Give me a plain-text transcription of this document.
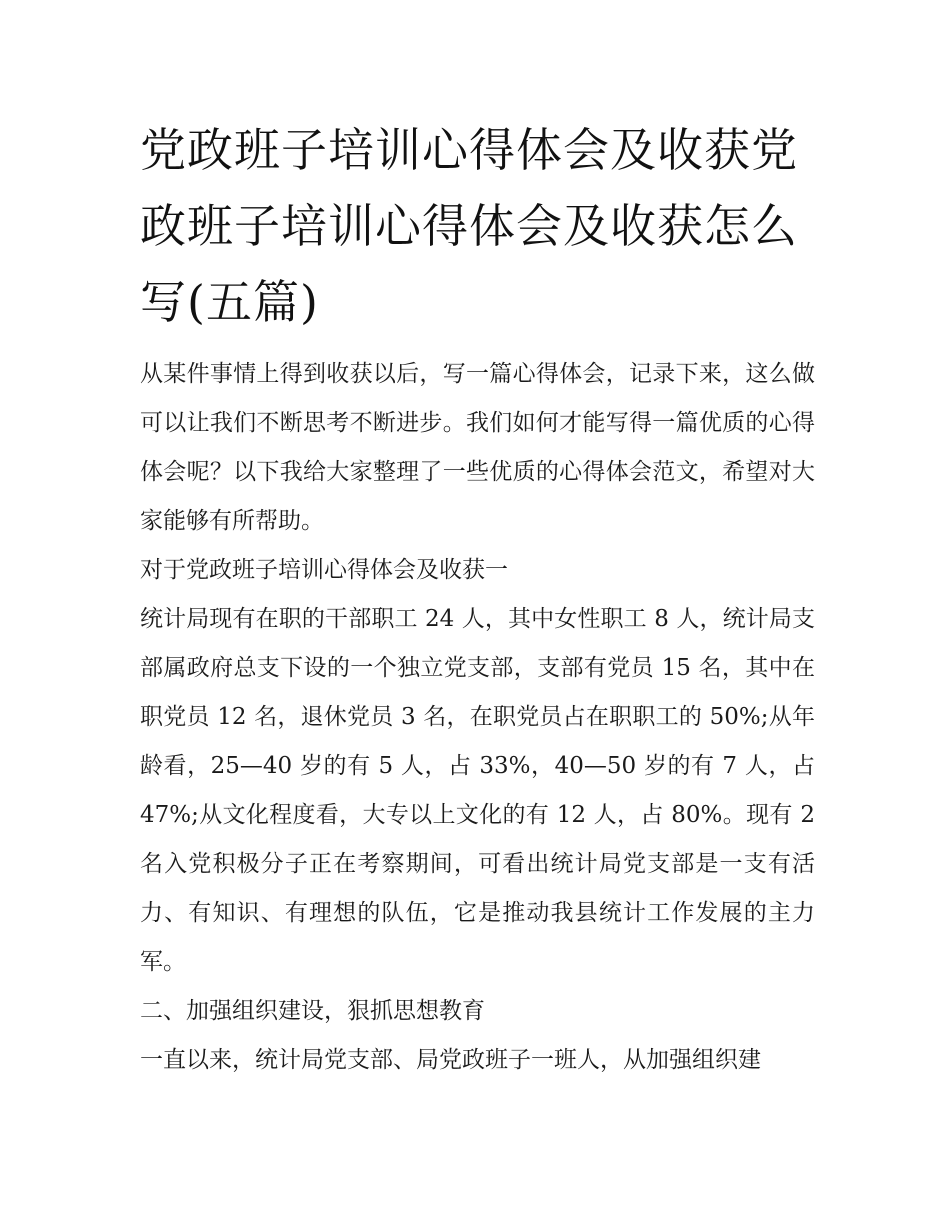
党政班子培训心得体会及收获党政班子培训心得体会及收获怎么写(五篇)

从某件事情上得到收获以后，写一篇心得体会，记录下来，这么做可以让我们不断思考不断进步。我们如何才能写得一篇优质的心得体会呢？以下我给大家整理了一些优质的心得体会范文，希望对大家能够有所帮助。

对于党政班子培训心得体会及收获一

统计局现有在职的干部职工 24 人，其中女性职工 8 人，统计局支部属政府总支下设的一个独立党支部，支部有党员 15 名，其中在职党员 12 名，退休党员 3 名，在职党员占在职职工的 50%;从年龄看，25—40 岁的有 5 人，占 33%，40—50 岁的有 7 人，占 47%;从文化程度看，大专以上文化的有 12 人，占 80%。现有 2 名入党积极分子正在考察期间，可看出统计局党支部是一支有活力、有知识、有理想的队伍，它是推动我县统计工作发展的主力军。

二、加强组织建设，狠抓思想教育

一直以来，统计局党支部、局党政班子一班人，从加强组织建
